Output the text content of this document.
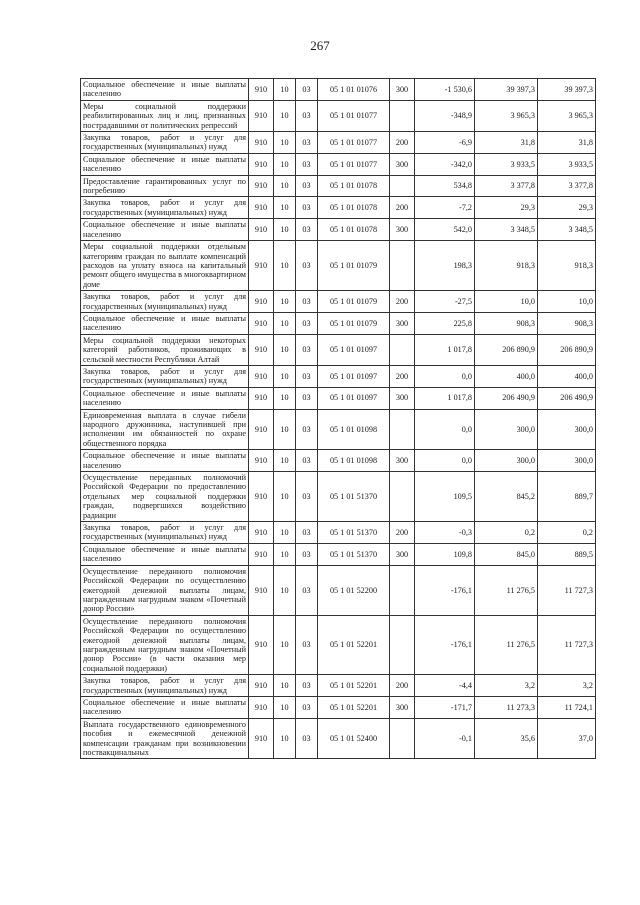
267
Социальное обеспечение и иные выплаты населению	910	10	03	05 1 01 01076	300	-1 530,6	39 397,3	39 397,3
Меры социальной поддержки реабилитированных лиц и лиц, признанных пострадавшими от политических репрессий	910	10	03	05 1 01 01077		-348,9	3 965,3	3 965,3
Закупка товаров, работ и услуг для государственных (муниципальных) нужд	910	10	03	05 1 01 01077	200	-6,9	31,8	31,8
Социальное обеспечение и иные выплаты населению	910	10	03	05 1 01 01077	300	-342,0	3 933,5	3 933,5
Предоставление гарантированных услуг по погребению	910	10	03	05 1 01 01078		534,8	3 377,8	3 377,8
Закупка товаров, работ и услуг для государственных (муниципальных) нужд	910	10	03	05 1 01 01078	200	-7,2	29,3	29,3
Социальное обеспечение и иные выплаты населению	910	10	03	05 1 01 01078	300	542,0	3 348,5	3 348,5
Меры социальной поддержки отдельным категориям граждан по выплате компенсаций расходов на уплату взноса на капитальный ремонт общего имущества в многоквартирном доме	910	10	03	05 1 01 01079		198,3	918,3	918,3
Закупка товаров, работ и услуг для государственных (муниципальных) нужд	910	10	03	05 1 01 01079	200	-27,5	10,0	10,0
Социальное обеспечение и иные выплаты населению	910	10	03	05 1 01 01079	300	225,8	908,3	908,3
Меры социальной поддержки некоторых категорий работников, проживающих в сельской местности Республики Алтай	910	10	03	05 1 01 01097		1 017,8	206 890,9	206 890,9
Закупка товаров, работ и услуг для государственных (муниципальных) нужд	910	10	03	05 1 01 01097	200	0,0	400,0	400,0
Социальное обеспечение и иные выплаты населению	910	10	03	05 1 01 01097	300	1 017,8	206 490,9	206 490,9
Единовременная выплата в случае гибели народного дружинника, наступившей при исполнении им обязанностей по охране общественного порядка	910	10	03	05 1 01 01098		0,0	300,0	300,0
Социальное обеспечение и иные выплаты населению	910	10	03	05 1 01 01098	300	0,0	300,0	300,0
Осуществление переданных полномочий Российской Федерации по предоставлению отдельных мер социальной поддержки граждан, подвергшихся воздействию радиации	910	10	03	05 1 01 51370		109,5	845,2	889,7
Закупка товаров, работ и услуг для государственных (муниципальных) нужд	910	10	03	05 1 01 51370	200	-0,3	0,2	0,2
Социальное обеспечение и иные выплаты населению	910	10	03	05 1 01 51370	300	109,8	845,0	889,5
Осуществление переданного полномочия Российской Федерации по осуществлению ежегодной денежной выплаты лицам, награжденным нагрудным знаком «Почетный донор России»	910	10	03	05 1 01 52200		-176,1	11 276,5	11 727,3
Осуществление переданного полномочия Российской Федерации по осуществлению ежегодной денежной выплаты лицам, награжденным нагрудным знаком «Почетный донор России» (в части оказания мер социальной поддержки)	910	10	03	05 1 01 52201		-176,1	11 276,5	11 727,3
Закупка товаров, работ и услуг для государственных (муниципальных) нужд	910	10	03	05 1 01 52201	200	-4,4	3,2	3,2
Социальное обеспечение и иные выплаты населению	910	10	03	05 1 01 52201	300	-171,7	11 273,3	11 724,1
Выплата государственного единовременного пособия и ежемесячной денежной компенсации гражданам при возникновении поствакцинальных	910	10	03	05 1 01 52400		-0,1	35,6	37,0
